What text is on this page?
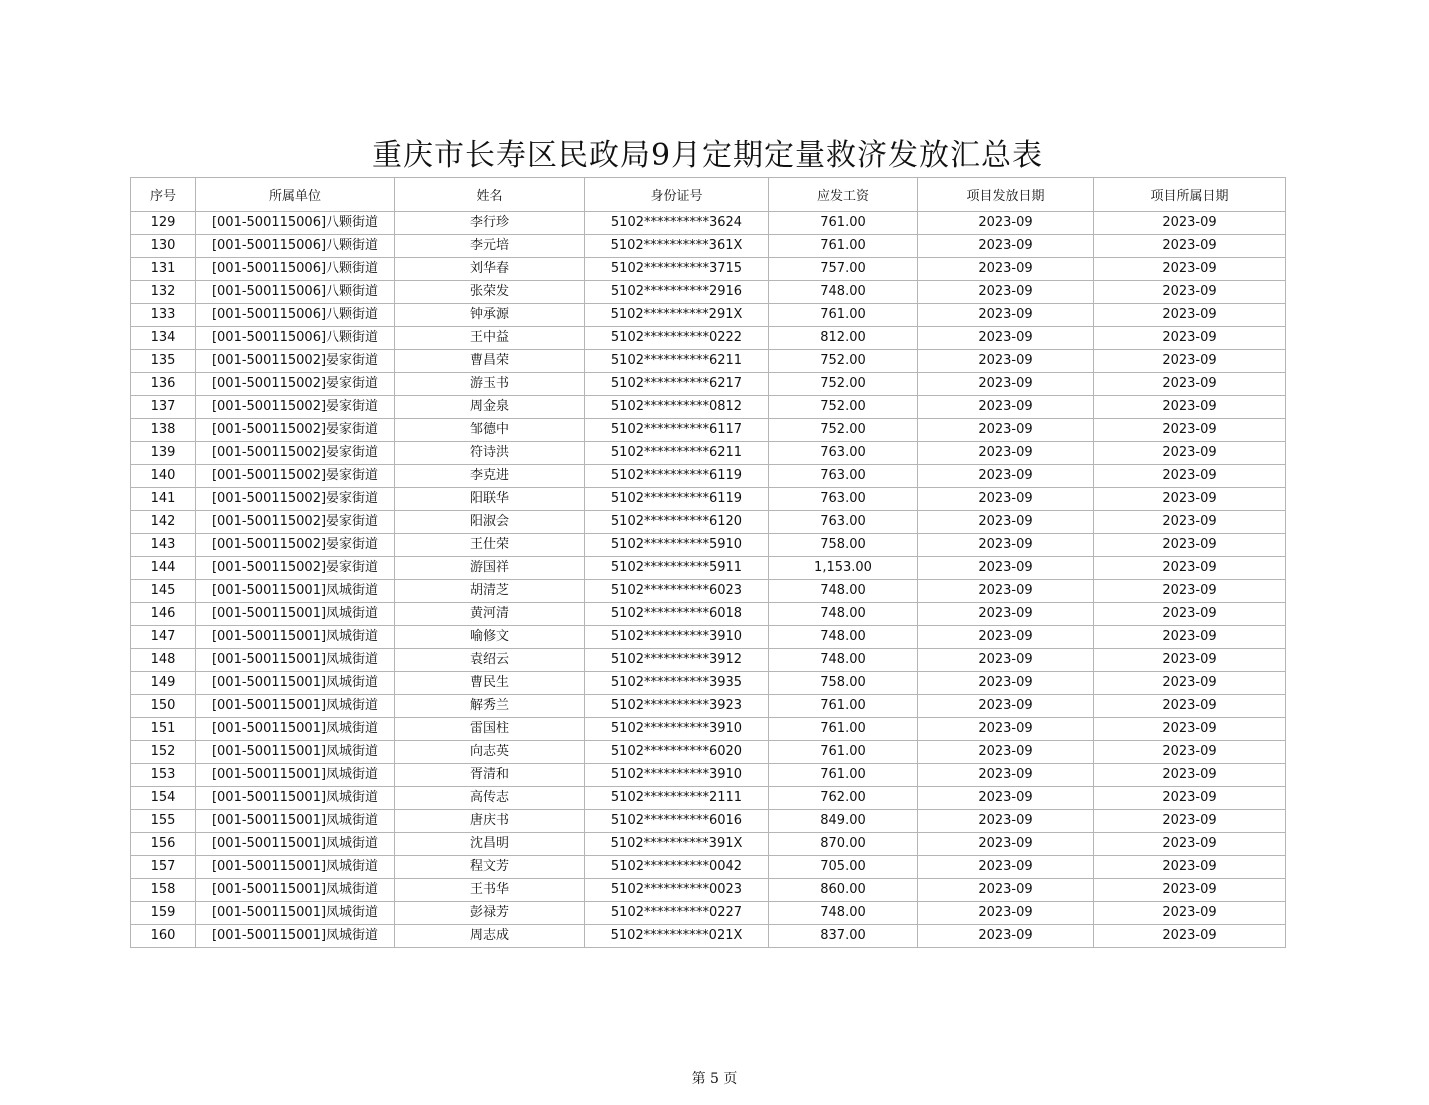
重庆市长寿区民政局9月定期定量救济发放汇总表
序号	所属单位	姓名	身份证号	应发工资	项目发放日期	项目所属日期
129	[001-500115006]八颗街道	李行珍	5102**********3624	761.00	2023-09	2023-09
130	[001-500115006]八颗街道	李元培	5102**********361X	761.00	2023-09	2023-09
131	[001-500115006]八颗街道	刘华春	5102**********3715	757.00	2023-09	2023-09
132	[001-500115006]八颗街道	张荣发	5102**********2916	748.00	2023-09	2023-09
133	[001-500115006]八颗街道	钟承源	5102**********291X	761.00	2023-09	2023-09
134	[001-500115006]八颗街道	王中益	5102**********0222	812.00	2023-09	2023-09
135	[001-500115002]晏家街道	曹昌荣	5102**********6211	752.00	2023-09	2023-09
136	[001-500115002]晏家街道	游玉书	5102**********6217	752.00	2023-09	2023-09
137	[001-500115002]晏家街道	周金泉	5102**********0812	752.00	2023-09	2023-09
138	[001-500115002]晏家街道	邹德中	5102**********6117	752.00	2023-09	2023-09
139	[001-500115002]晏家街道	符诗洪	5102**********6211	763.00	2023-09	2023-09
140	[001-500115002]晏家街道	李克进	5102**********6119	763.00	2023-09	2023-09
141	[001-500115002]晏家街道	阳联华	5102**********6119	763.00	2023-09	2023-09
142	[001-500115002]晏家街道	阳淑会	5102**********6120	763.00	2023-09	2023-09
143	[001-500115002]晏家街道	王仕荣	5102**********5910	758.00	2023-09	2023-09
144	[001-500115002]晏家街道	游国祥	5102**********5911	1,153.00	2023-09	2023-09
145	[001-500115001]凤城街道	胡清芝	5102**********6023	748.00	2023-09	2023-09
146	[001-500115001]凤城街道	黄河清	5102**********6018	748.00	2023-09	2023-09
147	[001-500115001]凤城街道	喻修文	5102**********3910	748.00	2023-09	2023-09
148	[001-500115001]凤城街道	袁绍云	5102**********3912	748.00	2023-09	2023-09
149	[001-500115001]凤城街道	曹民生	5102**********3935	758.00	2023-09	2023-09
150	[001-500115001]凤城街道	解秀兰	5102**********3923	761.00	2023-09	2023-09
151	[001-500115001]凤城街道	雷国柱	5102**********3910	761.00	2023-09	2023-09
152	[001-500115001]凤城街道	向志英	5102**********6020	761.00	2023-09	2023-09
153	[001-500115001]凤城街道	胥清和	5102**********3910	761.00	2023-09	2023-09
154	[001-500115001]凤城街道	高传志	5102**********2111	762.00	2023-09	2023-09
155	[001-500115001]凤城街道	唐庆书	5102**********6016	849.00	2023-09	2023-09
156	[001-500115001]凤城街道	沈昌明	5102**********391X	870.00	2023-09	2023-09
157	[001-500115001]凤城街道	程文芳	5102**********0042	705.00	2023-09	2023-09
158	[001-500115001]凤城街道	王书华	5102**********0023	860.00	2023-09	2023-09
159	[001-500115001]凤城街道	彭禄芳	5102**********0227	748.00	2023-09	2023-09
160	[001-500115001]凤城街道	周志成	5102**********021X	837.00	2023-09	2023-09
第 5 页
